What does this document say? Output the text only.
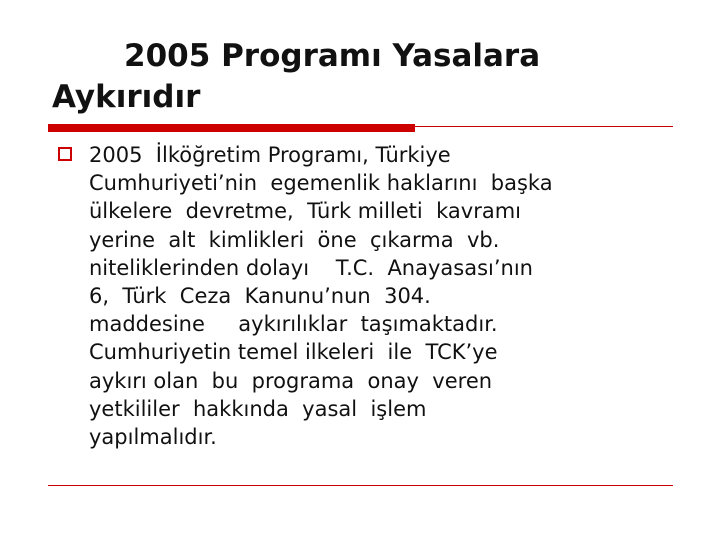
2005 Programı Yasalara
Aykırıdır
2005  İlköğretim Programı, Türkiye
Cumhuriyeti’nin  egemenlik haklarını  başka
ülkelere  devretme,  Türk milleti  kavramı
yerine  alt  kimlikleri  öne  çıkarma  vb.
niteliklerinden dolayı    T.C.  Anayasası’nın
6,  Türk  Ceza  Kanunu’nun  304.
maddesine     aykırılıklar  taşımaktadır.
Cumhuriyetin temel ilkeleri  ile  TCK’ye
aykırı olan  bu  programa  onay  veren
yetkililer  hakkında  yasal  işlem
yapılmalıdır.
